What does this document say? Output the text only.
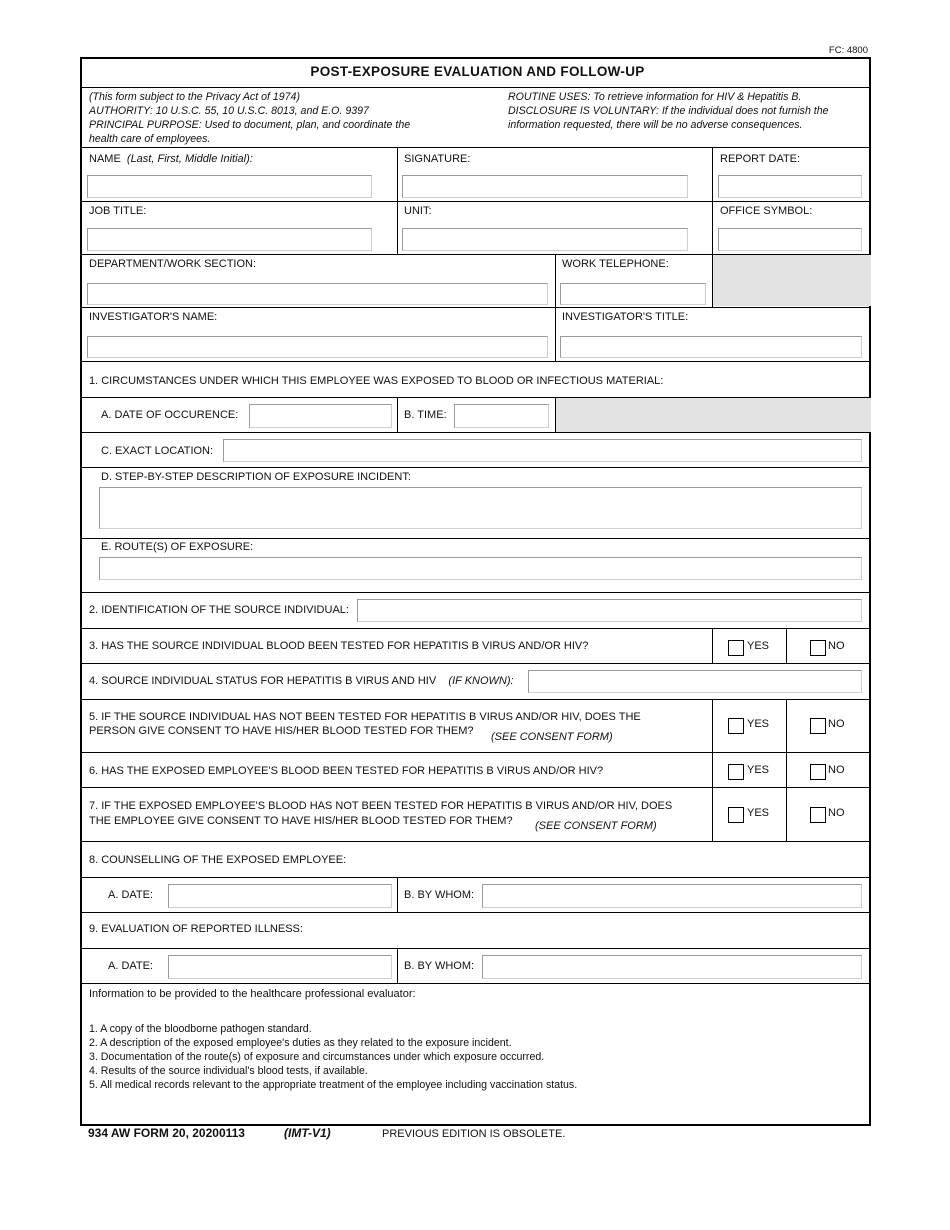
FC: 4800
POST-EXPOSURE EVALUATION AND FOLLOW-UP
(This form subject to the Privacy Act of 1974)
AUTHORITY: 10 U.S.C. 55, 10 U.S.C. 8013, and E.O. 9397
PRINCIPAL PURPOSE: Used to document, plan, and coordinate the
health care of employees.
ROUTINE USES: To retrieve information for HIV & Hepatitis B.
DISCLOSURE IS VOLUNTARY: If the individual does not furnish the
information requested, there will be no adverse consequences.
NAME (Last, First, Middle Initial):	SIGNATURE:	REPORT DATE:
JOB TITLE:	UNIT:	OFFICE SYMBOL:
DEPARTMENT/WORK SECTION:	WORK TELEPHONE:
INVESTIGATOR'S NAME:	INVESTIGATOR'S TITLE:
1. CIRCUMSTANCES UNDER WHICH THIS EMPLOYEE WAS EXPOSED TO BLOOD OR INFECTIOUS MATERIAL:
A. DATE OF OCCURENCE:	B. TIME:
C. EXACT LOCATION:
D. STEP-BY-STEP DESCRIPTION OF EXPOSURE INCIDENT:
E. ROUTE(S) OF EXPOSURE:
2. IDENTIFICATION OF THE SOURCE INDIVIDUAL:
3. HAS THE SOURCE INDIVIDUAL BLOOD BEEN TESTED FOR HEPATITIS B VIRUS AND/OR HIV?	YES	NO
4. SOURCE INDIVIDUAL STATUS FOR HEPATITIS B VIRUS AND HIV (IF KNOWN):
5. IF THE SOURCE INDIVIDUAL HAS NOT BEEN TESTED FOR HEPATITIS B VIRUS AND/OR HIV, DOES THE
PERSON GIVE CONSENT TO HAVE HIS/HER BLOOD TESTED FOR THEM? (SEE CONSENT FORM)
YES	NO
6. HAS THE EXPOSED EMPLOYEE'S BLOOD BEEN TESTED FOR HEPATITIS B VIRUS AND/OR HIV?	YES	NO
7. IF THE EXPOSED EMPLOYEE'S BLOOD HAS NOT BEEN TESTED FOR HEPATITIS B VIRUS AND/OR HIV, DOES
THE EMPLOYEE GIVE CONSENT TO HAVE HIS/HER BLOOD TESTED FOR THEM? (SEE CONSENT FORM)
YES	NO
8. COUNSELLING OF THE EXPOSED EMPLOYEE:
A. DATE:	B. BY WHOM:
9. EVALUATION OF REPORTED ILLNESS:
A. DATE:	B. BY WHOM:
Information to be provided to the healthcare professional evaluator:
1. A copy of the bloodborne pathogen standard.
2. A description of the exposed employee's duties as they related to the exposure incident.
3. Documentation of the route(s) of exposure and circumstances under which exposure occurred.
4. Results of the source individual's blood tests, if available.
5. All medical records relevant to the appropriate treatment of the employee including vaccination status.
934 AW FORM 20, 20200113	(IMT-V1)	PREVIOUS EDITION IS OBSOLETE.
